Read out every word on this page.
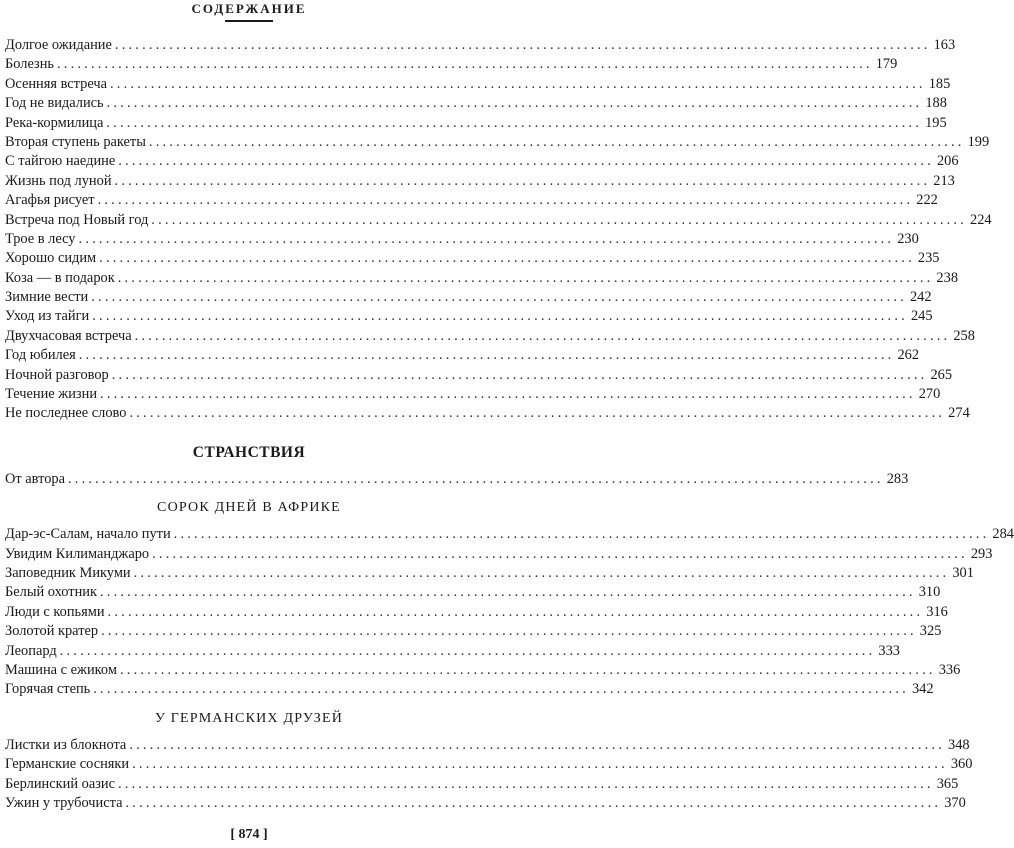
СОДЕРЖАНИЕ
Долгое ожидание ........................................................................................................................ 163
Болезнь ........................................................................................................................ 179
Осенняя встреча ........................................................................................................................ 185
Год не видались ........................................................................................................................ 188
Река-кормилица ........................................................................................................................ 195
Вторая ступень ракеты ........................................................................................................................ 199
С тайгою наедине ........................................................................................................................ 206
Жизнь под луной ........................................................................................................................ 213
Агафья рисует ........................................................................................................................ 222
Встреча под Новый год ........................................................................................................................ 224
Трое в лесу ........................................................................................................................ 230
Хорошо сидим ........................................................................................................................ 235
Коза — в подарок ........................................................................................................................ 238
Зимние вести ........................................................................................................................ 242
Уход из тайги ........................................................................................................................ 245
Двухчасовая встреча ........................................................................................................................ 258
Год юбилея ........................................................................................................................ 262
Ночной разговор ........................................................................................................................ 265
Течение жизни ........................................................................................................................ 270
Не последнее слово ........................................................................................................................ 274
СТРАНСТВИЯ
От автора ........................................................................................................................ 283
СОРОК ДНЕЙ В АФРИКЕ
Дар-эс-Салам, начало пути ........................................................................................................................ 284
Увидим Килиманджаро ........................................................................................................................ 293
Заповедник Микуми ........................................................................................................................ 301
Белый охотник ........................................................................................................................ 310
Люди с копьями ........................................................................................................................ 316
Золотой кратер ........................................................................................................................ 325
Леопард ........................................................................................................................ 333
Машина с ежиком ........................................................................................................................ 336
Горячая степь ........................................................................................................................ 342
У ГЕРМАНСКИХ ДРУЗЕЙ
Листки из блокнота ........................................................................................................................ 348
Германские сосняки ........................................................................................................................ 360
Берлинский оазис ........................................................................................................................ 365
Ужин у трубочиста ........................................................................................................................ 370
[ 874 ]
